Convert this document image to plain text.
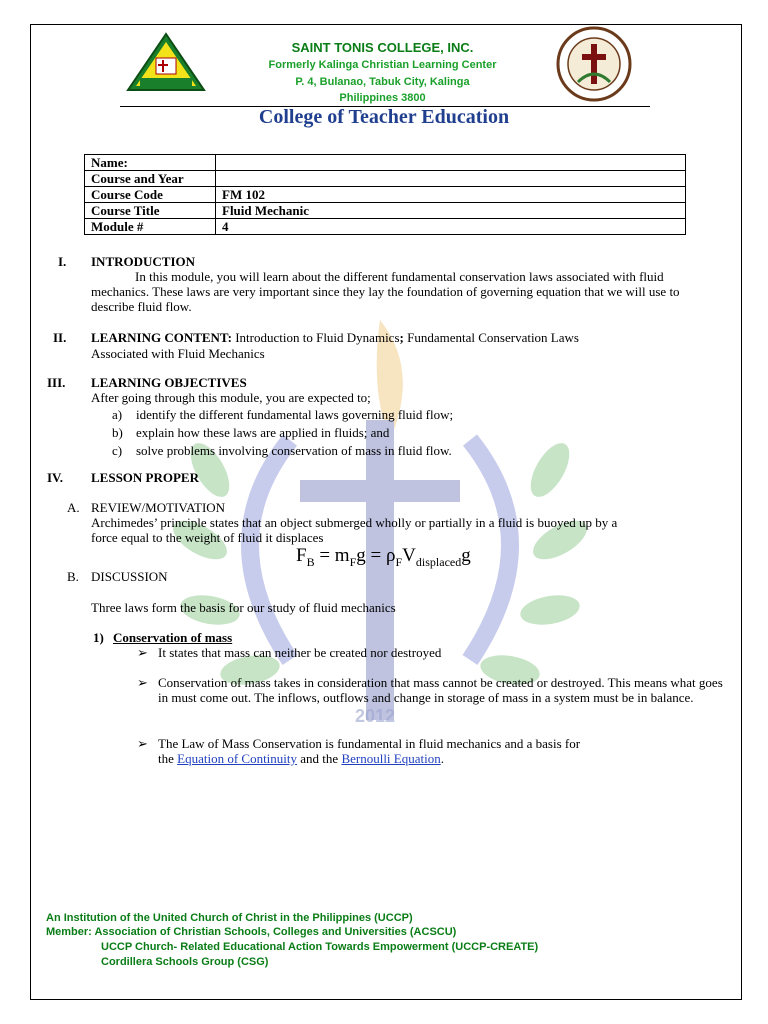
SAINT TONIS COLLEGE, INC.
Formerly Kalinga Christian Learning Center
P. 4, Bulanao, Tabuk City, Kalinga
Philippines 3800
College of Teacher Education
2012
Name:	
Course and Year	
Course Code	FM 102
Course Title	Fluid Mechanic
Module #	4
I.	INTRODUCTION
In this module, you will learn about the different fundamental conservation laws associated with fluid mechanics. These laws are very important since they lay the foundation of governing equation that we will use to describe fluid flow.
II.	LEARNING CONTENT: Introduction to Fluid Dynamics; Fundamental Conservation Laws
Associated with Fluid Mechanics
III.	LEARNING OBJECTIVES
After going through this module, you are expected to;
a) identify the different fundamental laws governing fluid flow;
b) explain how these laws are applied in fluids; and
c) solve problems involving conservation of mass in fluid flow.
IV.	LESSON PROPER
A. REVIEW/MOTIVATION
Archimedes’ principle states that an object submerged wholly or partially in a fluid is buoyed up by a
force equal to the weight of fluid it displaces
$F_B = m_Fg = \rho_FV_{displaced}g$
B. DISCUSSION
Three laws form the basis for our study of fluid mechanics
1) Conservation of mass
➢ It states that mass can neither be created nor destroyed
➢ Conservation of mass takes in consideration that mass cannot be created or destroyed. This means what goes in must come out. The inflows, outflows and change in storage of mass in a system must be in balance.
➢ The Law of Mass Conservation is fundamental in fluid mechanics and a basis for
the Equation of Continuity and the Bernoulli Equation.
An Institution of the United Church of Christ in the Philippines (UCCP)
Member: Association of Christian Schools, Colleges and Universities (ACSCU)
UCCP Church- Related Educational Action Towards Empowerment (UCCP-CREATE)
Cordillera Schools Group (CSG)
